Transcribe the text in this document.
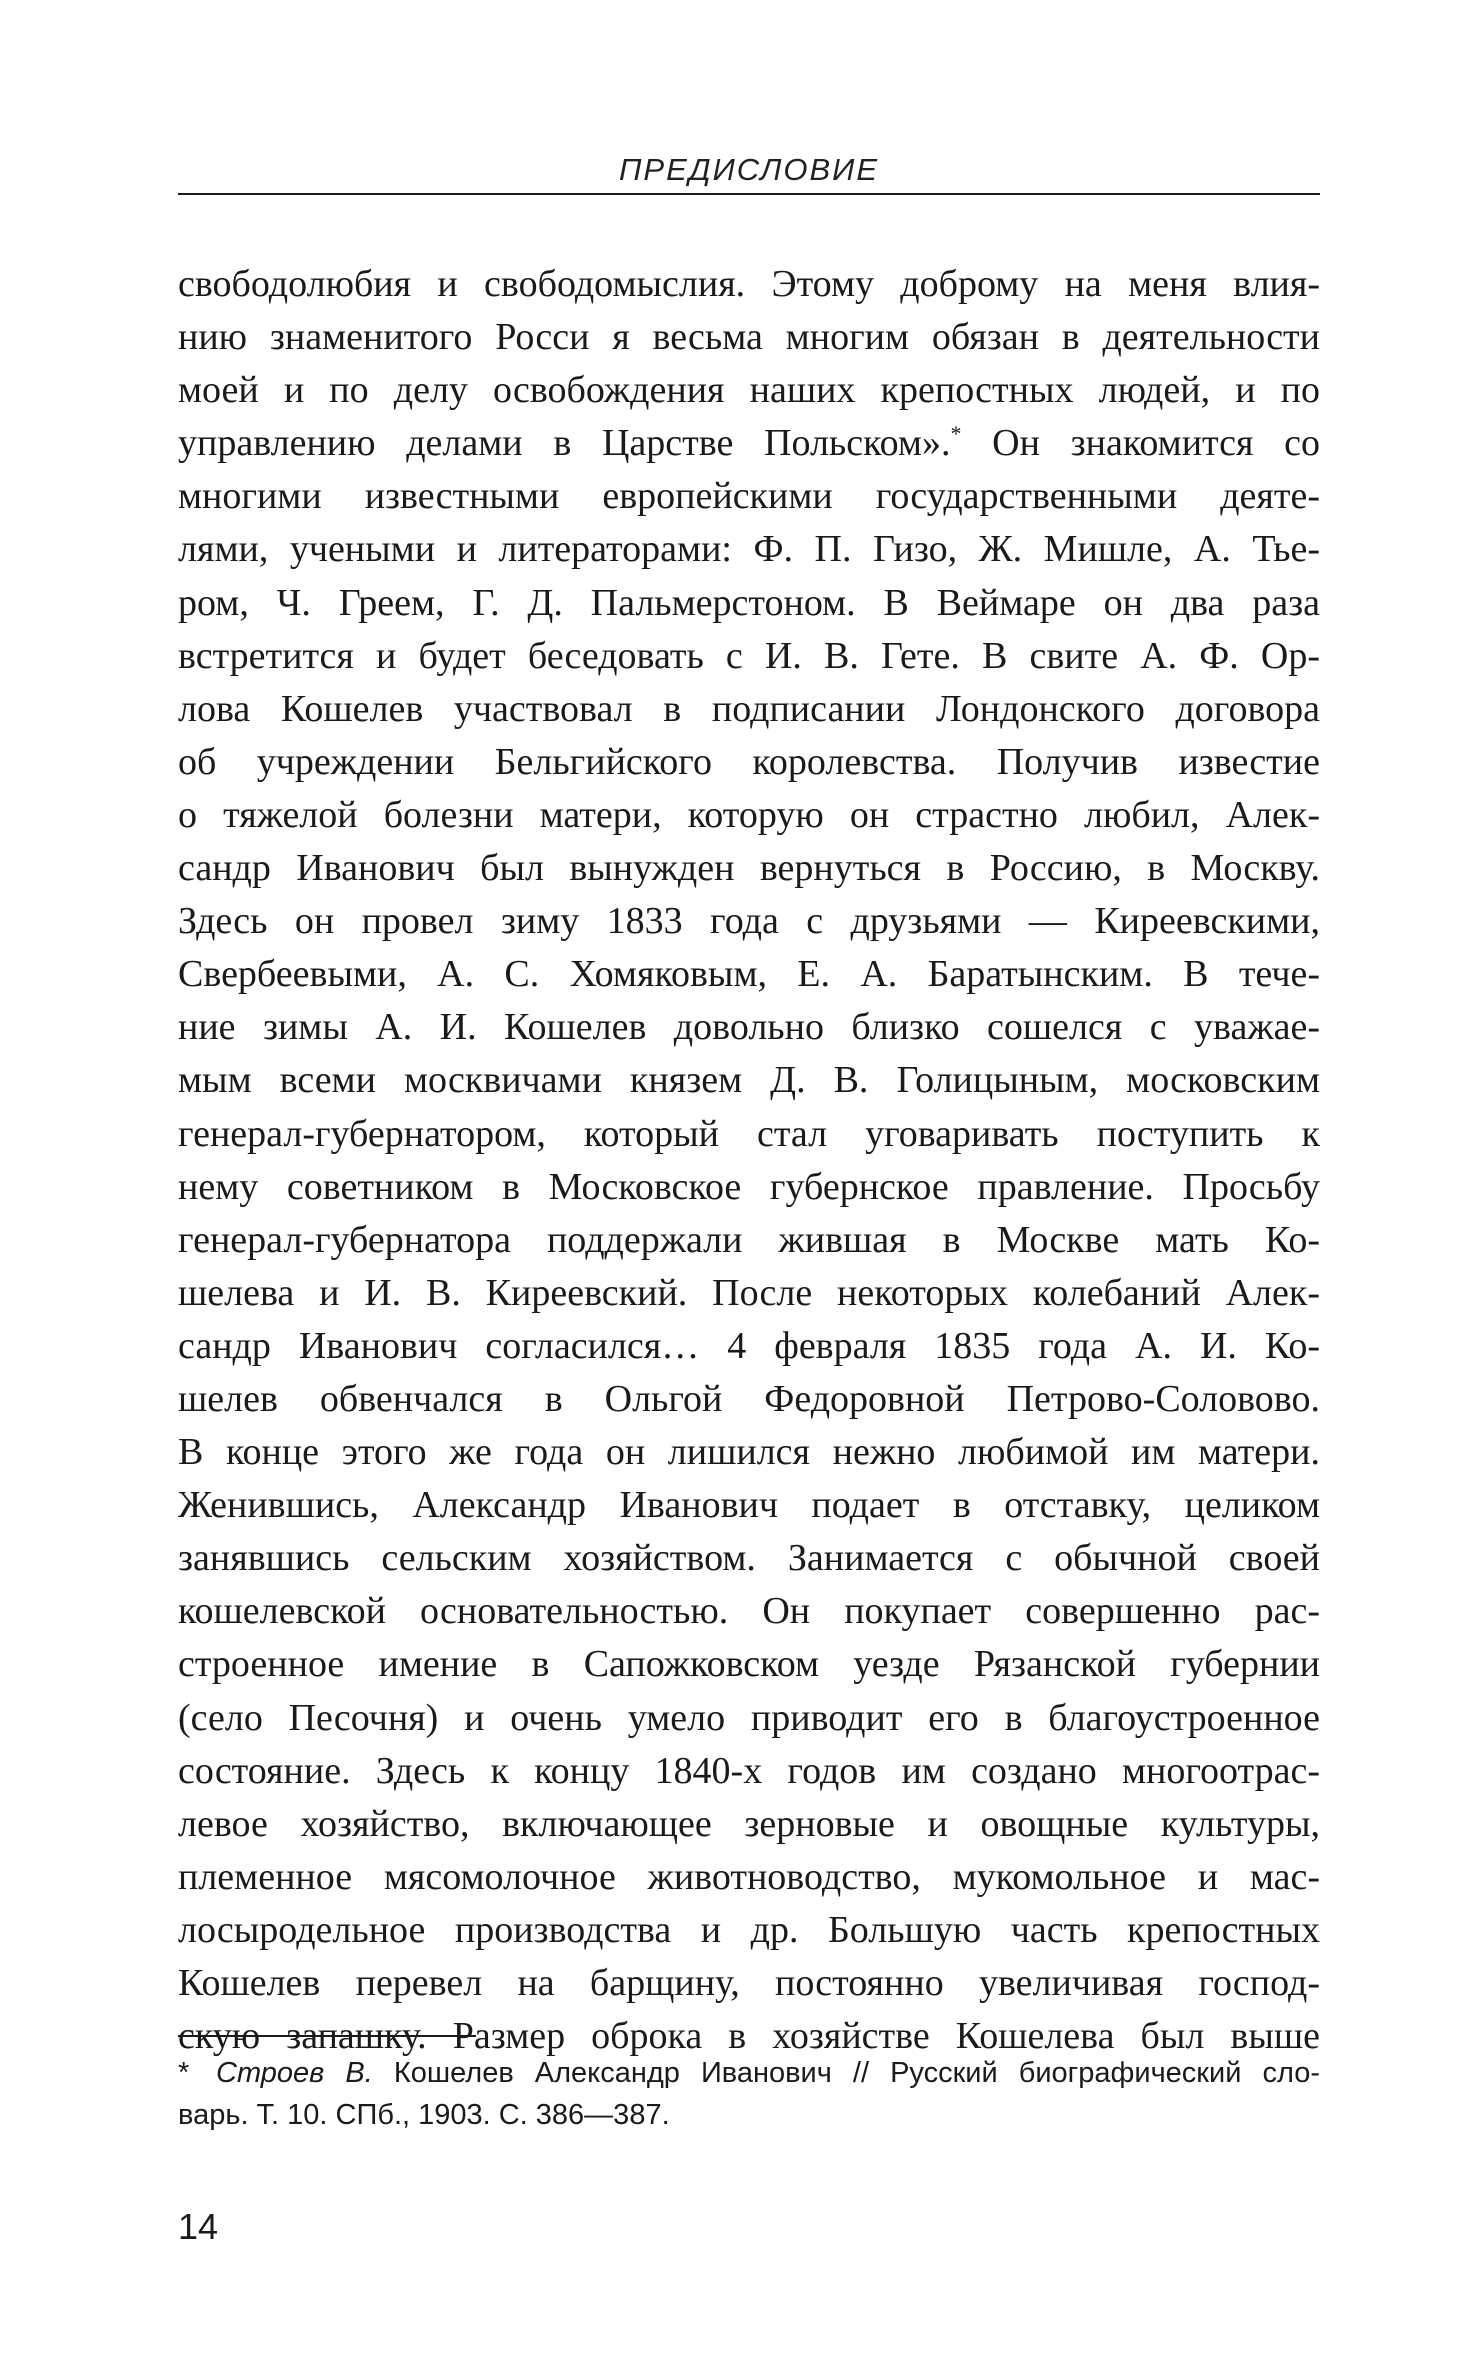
ПРЕДИСЛОВИЕ
свободолюбия и свободомыслия. Этому доброму на меня влия-
нию знаменитого Росси я весьма многим обязан в деятельности
моей и по делу освобождения наших крепостных людей, и по
управлению делами в Царстве Польском».* Он знакомится со
многими известными европейскими государственными деяте-
лями, учеными и литераторами: Ф. П. Гизо, Ж. Мишле, А. Тье-
ром, Ч. Греем, Г. Д. Пальмерстоном. В Веймаре он два раза
встретится и будет беседовать с И. В. Гете. В свите А. Ф. Ор-
лова Кошелев участвовал в подписании Лондонского договора
об учреждении Бельгийского королевства. Получив известие
о тяжелой болезни матери, которую он страстно любил, Алек-
сандр Иванович был вынужден вернуться в Россию, в Москву.
Здесь он провел зиму 1833 года с друзьями — Киреевскими,
Свербеевыми, А. С. Хомяковым, Е. А. Баратынским. В тече-
ние зимы А. И. Кошелев довольно близко сошелся с уважае-
мым всеми москвичами князем Д. В. Голицыным, московским
генерал-губернатором, который стал уговаривать поступить к
нему советником в Московское губернское правление. Просьбу
генерал-губернатора поддержали жившая в Москве мать Ко-
шелева и И. В. Киреевский. После некоторых колебаний Алек-
сандр Иванович согласился… 4 февраля 1835 года А. И. Ко-
шелев обвенчался в Ольгой Федоровной Петрово-Соловово.
В конце этого же года он лишился нежно любимой им матери.
Женившись, Александр Иванович подает в отставку, целиком
занявшись сельским хозяйством. Занимается с обычной своей
кошелевской основательностью. Он покупает совершенно рас-
строенное имение в Сапожковском уезде Рязанской губернии
(село Песочня) и очень умело приводит его в благоустроенное
состояние. Здесь к концу 1840-х годов им создано многоотрас-
левое хозяйство, включающее зерновые и овощные культуры,
племенное мясомолочное животноводство, мукомольное и мас-
лосыродельное производства и др. Большую часть крепостных
Кошелев перевел на барщину, постоянно увеличивая господ-
скую запашку. Размер оброка в хозяйстве Кошелева был выше
* Строев В. Кошелев Александр Иванович // Русский биографический сло-
варь. Т. 10. СПб., 1903. С. 386—387.
14
